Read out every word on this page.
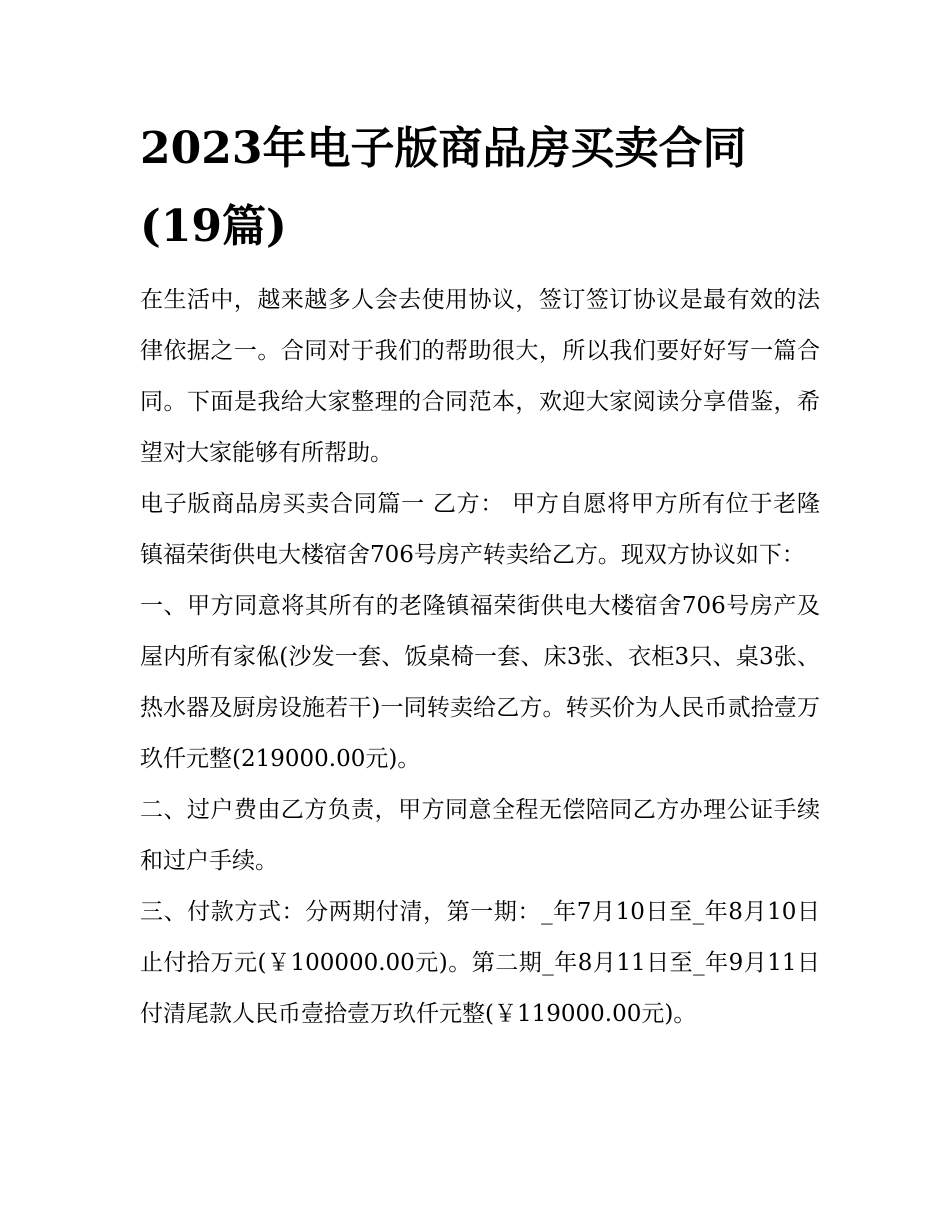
2023年电子版商品房买卖合同(19篇)

在生活中，越来越多人会去使用协议，签订签订协议是最有效的法律依据之一。合同对于我们的帮助很大，所以我们要好好写一篇合同。下面是我给大家整理的合同范本，欢迎大家阅读分享借鉴，希望对大家能够有所帮助。

电子版商品房买卖合同篇一 乙方： 甲方自愿将甲方所有位于老隆镇福荣街供电大楼宿舍706号房产转卖给乙方。现双方协议如下：

一、甲方同意将其所有的老隆镇福荣街供电大楼宿舍706号房产及屋内所有家俬(沙发一套、饭桌椅一套、床3张、衣柜3只、桌3张、热水器及厨房设施若干)一同转卖给乙方。转买价为人民币贰拾壹万玖仟元整(219000.00元)。

二、过户费由乙方负责，甲方同意全程无偿陪同乙方办理公证手续和过户手续。

三、付款方式：分两期付清，第一期：_年7月10日至_年8月10日止付拾万元(￥100000.00元)。第二期_年8月11日至_年9月11日付清尾款人民币壹拾壹万玖仟元整(￥119000.00元)。
